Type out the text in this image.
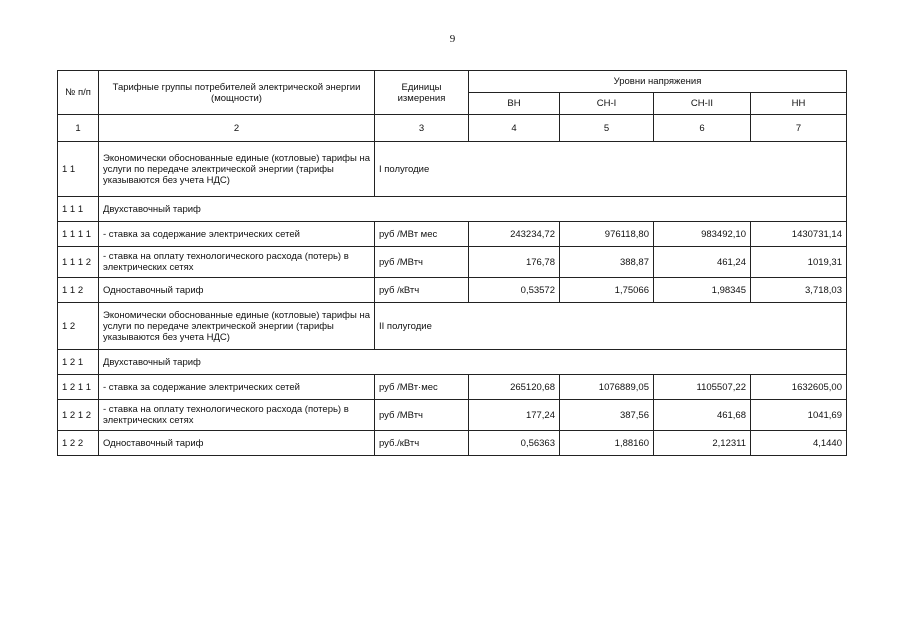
9
№ п/п	Тарифные группы потребителей электрической энергии (мощности)	Единицы измерения	Уровни напряжения			
			ВН	СН-I	СН-II	НН
1	2	3	4	5	6	7
1 1	Экономически обоснованные единые (котловые) тарифы на услуги по передаче электрической энергии (тарифы указываются без учета НДС)	I полугодие				
1 1 1	Двухставочный тариф					
1 1 1 1	- ставка за содержание электрических сетей	руб /МВт мес	243234,72	976118,80	983492,10	1430731,14
1 1 1 2	- ставка на оплату технологического расхода (потерь) в электрических сетях	руб /МВтч	176,78	388,87	461,24	1019,31
1 1 2	Одноставочный тариф	руб /кВтч	0,53572	1,75066	1,98345	3,718,03
1 2	Экономически обоснованные единые (котловые) тарифы на услуги по передаче электрической энергии (тарифы указываются без учета НДС)	II полугодие				
1 2 1	Двухставочный тариф					
1 2 1 1	- ставка за содержание электрических сетей	руб /МВт·мес	265120,68	1076889,05	1105507,22	1632605,00
1 2 1 2	- ставка на оплату технологического расхода (потерь) в электрических сетях	руб /МВтч	177,24	387,56	461,68	1041,69
1 2 2	Одноставочный тариф	руб./кВтч	0,56363	1,88160	2,12311	4,1440
